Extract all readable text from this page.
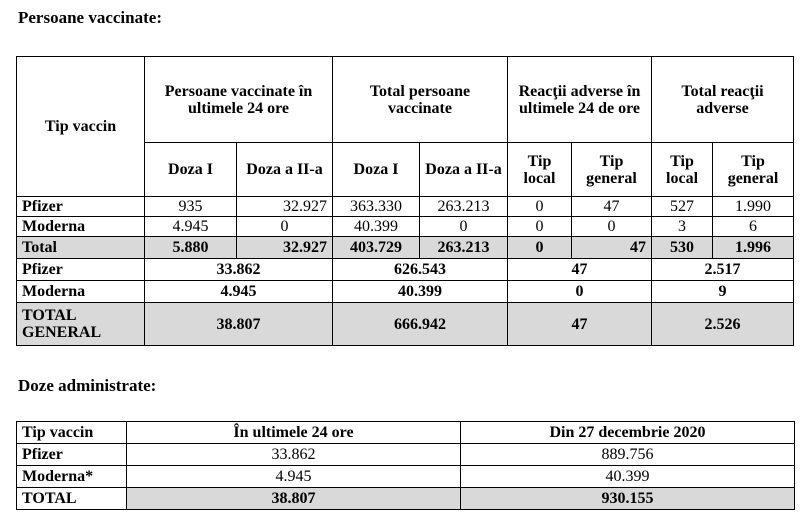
Persoane vaccinate:
Tip vaccin	Persoane vaccinate în ultimele 24 ore		Total persoane vaccinate		Reacţii adverse în ultimele 24 de ore		Total reacţii adverse	
	Doza I	Doza a II-a	Doza I	Doza a II-a	Tip local	Tip general	Tip local	Tip general
Pfizer	935	32.927	363.330	263.213	0	47	527	1.990
Moderna	4.945	0	40.399	0	0	0	3	6
Total	5.880	32.927	403.729	263.213	0	47	530	1.996
Pfizer	33.862		626.543		47		2.517	
Moderna	4.945		40.399		0		9	
TOTAL GENERAL	38.807		666.942		47		2.526	
Doze administrate:
Tip vaccin	În ultimele 24 ore	Din 27 decembrie 2020
Pfizer	33.862	889.756
Moderna*	4.945	40.399
TOTAL	38.807	930.155
